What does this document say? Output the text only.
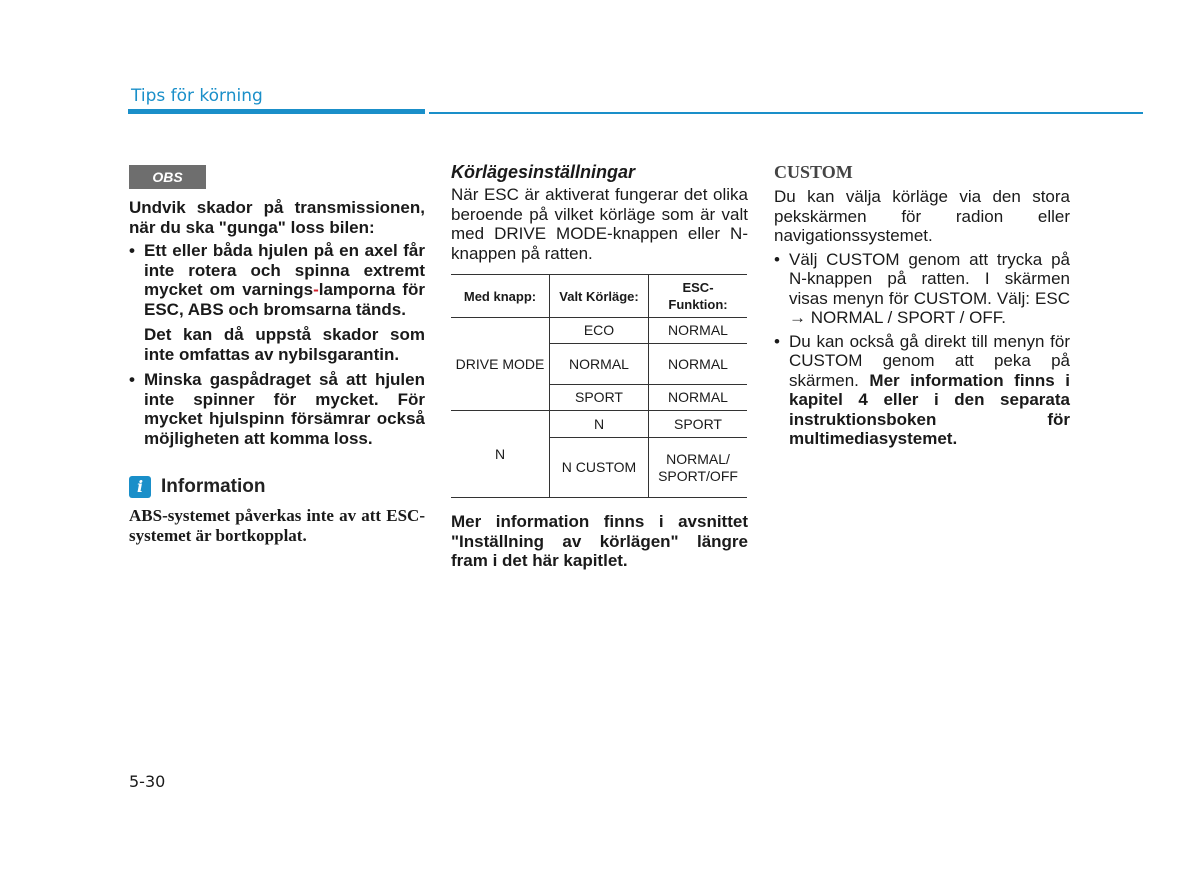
Tips för körning
OBS
Undvik skador på transmissionen, när du ska "gunga" loss bilen:
• Ett eller båda hjulen på en axel får inte rotera och spinna extremt mycket om varnings-lamporna för ESC, ABS och bromsarna tänds.

Det kan då uppstå skador som inte omfattas av nybilsgarantin.

• Minska gaspådraget så att hjulen inte spinner för mycket. För mycket hjulspinn försämrar också möjligheten att komma loss.

i Information
ABS-systemet påverkas inte av att ESC-systemet är bortkopplat.
Körlägesinställningar
När ESC är aktiverat fungerar det olika beroende på vilket körläge som är valt med DRIVE MODE-knappen eller N-knappen på ratten.
Med knapp:	Valt Körläge:	ESC-
Funktion:
DRIVE MODE	ECO	NORMAL
	NORMAL	NORMAL
	SPORT	NORMAL
N	N	SPORT
	N CUSTOM	NORMAL/
SPORT/OFF
Mer information finns i avsnittet "Inställning av körlägen" längre fram i det här kapitlet.
CUSTOM
Du kan välja körläge via den stora pekskärmen för radion eller navigationssystemet.
• Välj CUSTOM genom att trycka på N-knappen på ratten. I skärmen visas menyn för CUSTOM. Välj: ESC → NORMAL / SPORT / OFF.
• Du kan också gå direkt till menyn för CUSTOM genom att peka på skärmen. Mer information finns i kapitel 4 eller i den separata instruktionsboken för multimediasystemet.
5-30
